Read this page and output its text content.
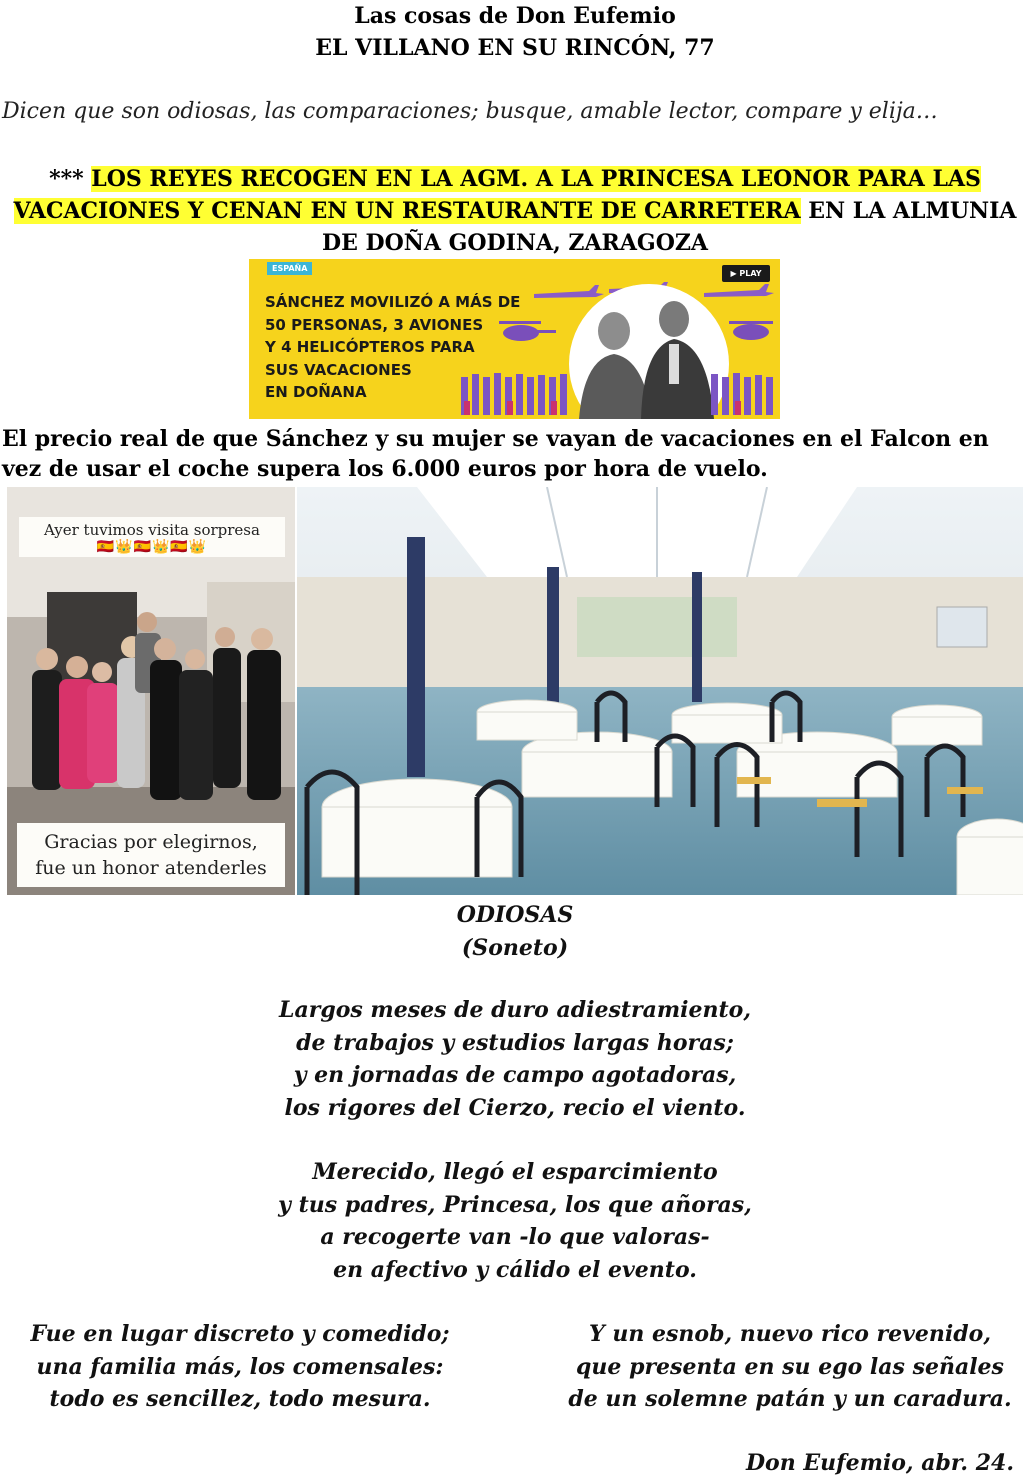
Las cosas de Don Eufemio
EL VILLANO EN SU RINCÓN, 77
Dicen que son odiosas, las comparaciones; busque, amable lector, compare y elija…
*** LOS REYES RECOGEN EN LA AGM. A LA PRINCESA LEONOR PARA LAS VACACIONES Y CENAN EN UN RESTAURANTE DE CARRETERA EN LA ALMUNIA DE DOÑA GODINA, ZARAGOZA
ESPAÑA
▶ PLAY
SÁNCHEZ MOVILIZÓ A MÁS DE
50 PERSONAS, 3 AVIONES
Y 4 HELICÓPTEROS PARA
SUS VACACIONES
EN DOÑANA
El precio real de que Sánchez y su mujer se vayan de vacaciones en el Falcon en vez de usar el coche supera los 6.000 euros por hora de vuelo.
Ayer tuvimos visita sorpresa
🇪🇸👑🇪🇸👑🇪🇸👑
Gracias por elegirnos,
fue un honor atenderles
ODIOSAS
(Soneto)
Largos meses de duro adiestramiento,
de trabajos y estudios largas horas;
y en jornadas de campo agotadoras,
los rigores del Cierzo, recio el viento.
Merecido, llegó el esparcimiento
y tus padres, Princesa, los que añoras,
a recogerte van -lo que valoras-
en afectivo y cálido el evento.
Fue en lugar discreto y comedido;
una familia más, los comensales:
todo es sencillez, todo mesura.
Y un esnob, nuevo rico revenido,
que presenta en su ego las señales
de un solemne patán y un caradura.
Don Eufemio, abr. 24.
